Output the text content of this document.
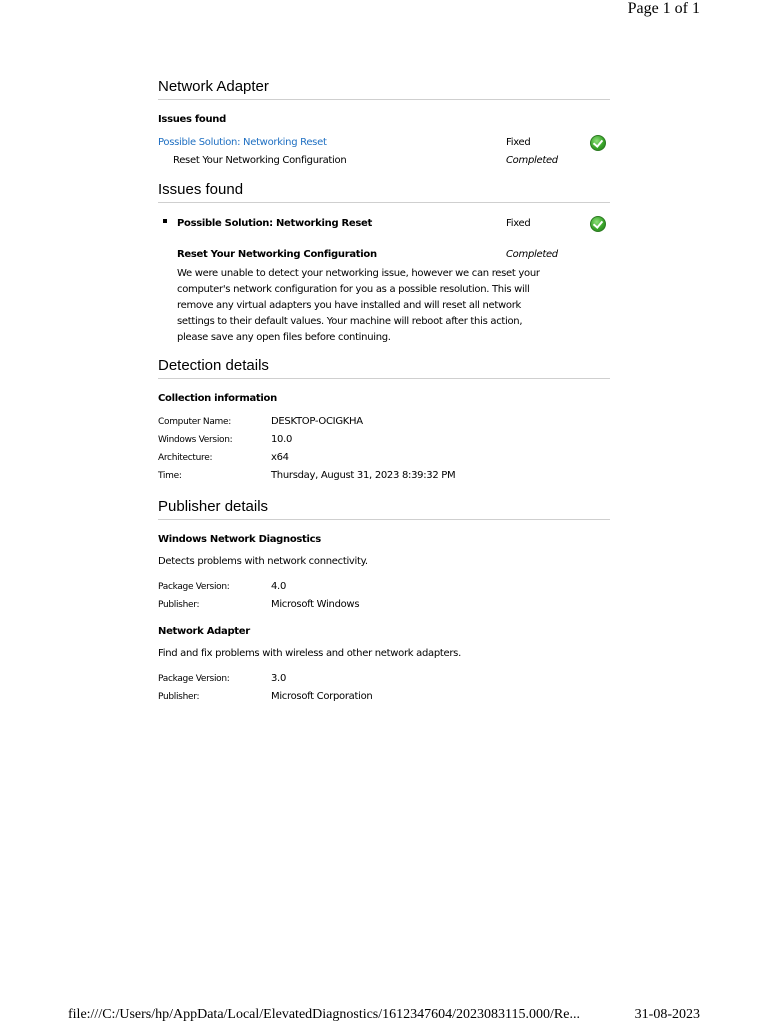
Page 1 of 1
Network Adapter

Issues found

Possible Solution: Networking Reset	Fixed
Reset Your Networking Configuration	Completed
Issues found
Possible Solution: Networking Reset	Fixed
Reset Your Networking Configuration	Completed

We were unable to detect your networking issue, however we can reset your

computer's network configuration for you as a possible resolution. This will

remove any virtual adapters you have installed and will reset all network

settings to their default values. Your machine will reboot after this action,

please save any open files before continuing.

Detection details

Collection information

Computer Name:	DESKTOP-OCIGKHA
Windows Version:	10.0
Architecture:	x64
Time:	Thursday, August 31, 2023 8:39:32 PM
Publisher details

Windows Network Diagnostics

Detects problems with network connectivity.

Package Version:	4.0
Publisher:	Microsoft Windows

Network Adapter

Find and fix problems with wireless and other network adapters.

Package Version:	3.0
Publisher:	Microsoft Corporation
file:///C:/Users/hp/AppData/Local/ElevatedDiagnostics/1612347604/2023083115.000/Re...	31-08-2023
